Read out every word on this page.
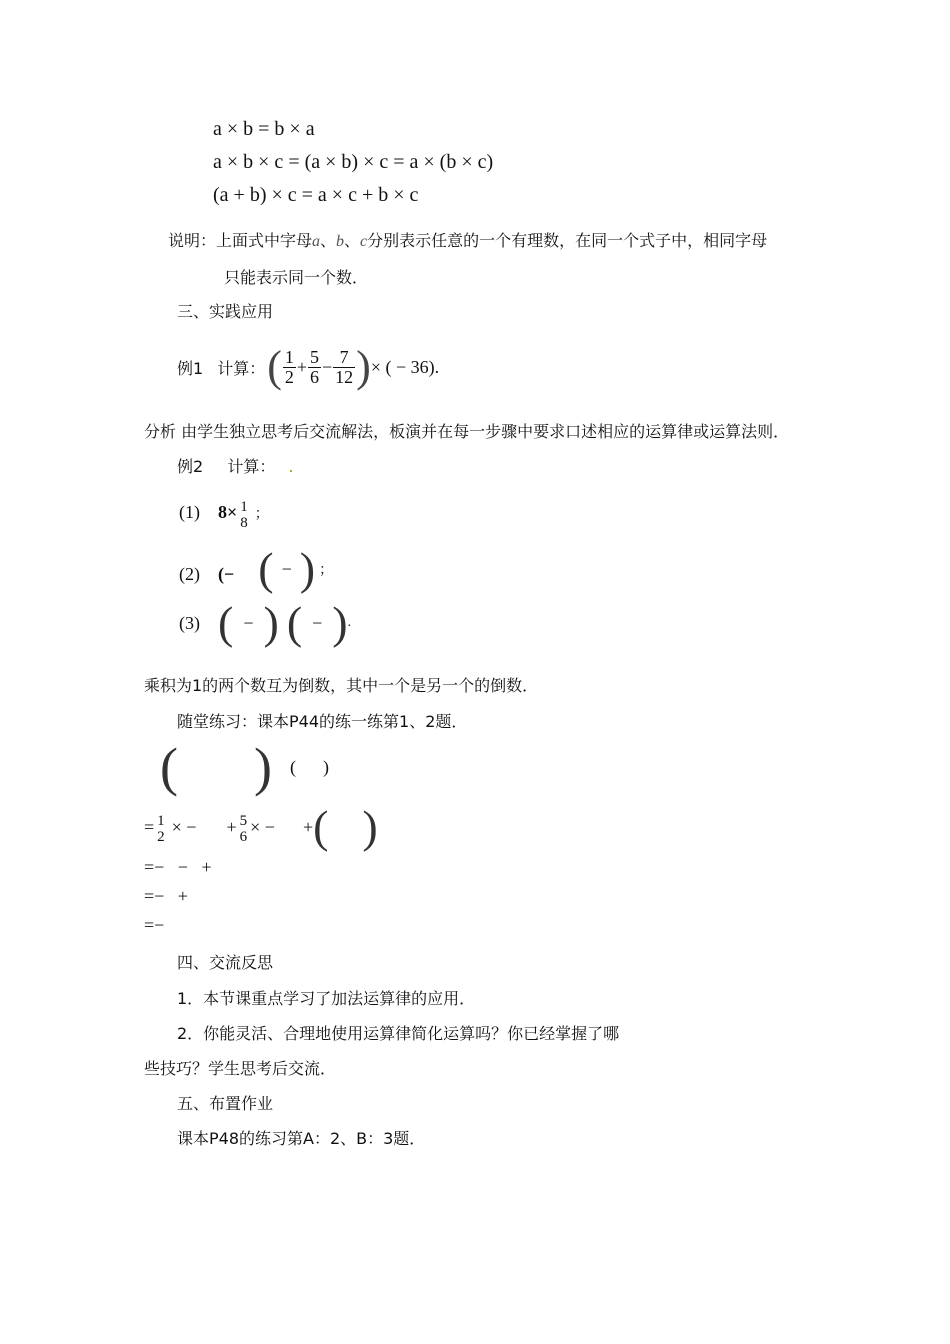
a × b = b × a
a × b × c = (a × b) × c = a × (b × c)
(a + b) × c = a × c + b × c
说明：上面式中字母a、b、c分别表示任意的一个有理数，在同一个式子中，相同字母
只能表示同一个数．
三、实践应用
例1 计算： ( $\frac{1}{2} + \frac{5}{6} - \frac{7}{12}$ ) × ( − 36) .
分析 由学生独立思考后交流解法，板演并在每一步骤中要求口述相应的运算律或运算法则．
例2 计算： .
(1) 8× 1
8
；
(2) (− ( − ) ；
(3) ( − ) ( − ) .
乘积为1的两个数互为倒数，其中一个是另一个的倒数．
随堂练习：课本P44的练一练第1、2题．
( ) (      )
= 1
2
× − + 5
6
× − + ( )
=−   −   +
=−   +
=−
四、交流反思
1．本节课重点学习了加法运算律的应用．
2．你能灵活、合理地使用运算律简化运算吗？你已经掌握了哪
些技巧？学生思考后交流．
五、布置作业
课本P48的练习第A：2、B：3题．
